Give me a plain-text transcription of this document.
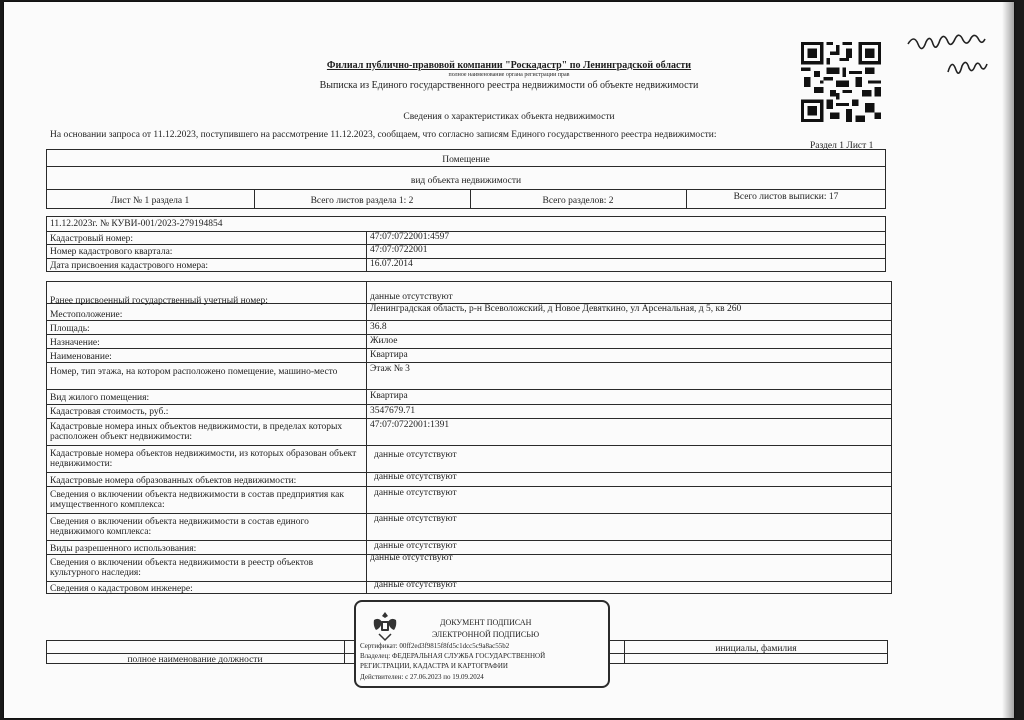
Филиал публично-правовой компании "Роскадастр" по Ленинградской области
полное наименование органа регистрации прав
Выписка из Единого государственного реестра недвижимости об объекте недвижимости
Сведения о характеристиках объекта недвижимости
На основании запроса от 11.12.2023, поступившего на рассмотрение 11.12.2023, сообщаем, что согласно записям Единого государственного реестра недвижимости:
Раздел 1 Лист 1
Помещение
вид объекта недвижимости
Лист № 1 раздела 1	Всего листов раздела 1: 2	Всего разделов: 2	Всего листов выписки: 17
11.12.2023г. № КУВИ-001/2023-279194854
Кадастровый номер:	47:07:0722001:4597
Номер кадастрового квартала:	47:07:0722001
Дата присвоения кадастрового номера:	16.07.2014
Ранее присвоенный государственный учетный номер:	данные отсутствуют
Местоположение:
Ленинградская область, р-н Всеволожский, д Новое Девяткино, ул Арсенальная, д 5, кв 260
Площадь:	36.8
Назначение:	Жилое
Наименование:	Квартира
Номер, тип этажа, на котором расположено помещение, машино-место	Этаж № 3
Вид жилого помещения:	Квартира
Кадастровая стоимость, руб.:	3547679.71
Кадастровые номера иных объектов недвижимости, в пределах которых расположен объект недвижимости:
47:07:0722001:1391
Кадастровые номера объектов недвижимости, из которых образован объект недвижимости:
данные отсутствуют
Кадастровые номера образованных объектов недвижимости:	данные отсутствуют
Сведения о включении объекта недвижимости в состав предприятия как имущественного комплекса:
данные отсутствуют
Сведения о включении объекта недвижимости в состав единого недвижимого комплекса:
данные отсутствуют
Виды разрешенного использования:	данные отсутствуют
Сведения о включении объекта недвижимости в реестр объектов культурного наследия:
данные отсутствуют
Сведения о кадастровом инженере:	данные отсутствуют
полное наименование должности
инициалы, фамилия
ДОКУМЕНТ ПОДПИСАН
ЭЛЕКТРОННОЙ ПОДПИСЬЮ
Сертификат: 00ff2ed3f9815f8fd5c1dcc5c9a8ac55b2
Владелец: ФЕДЕРАЛЬНАЯ СЛУЖБА ГОСУДАРСТВЕННОЙ
РЕГИСТРАЦИИ, КАДАСТРА И КАРТОГРАФИИ
Действителен: с 27.06.2023 по 19.09.2024
